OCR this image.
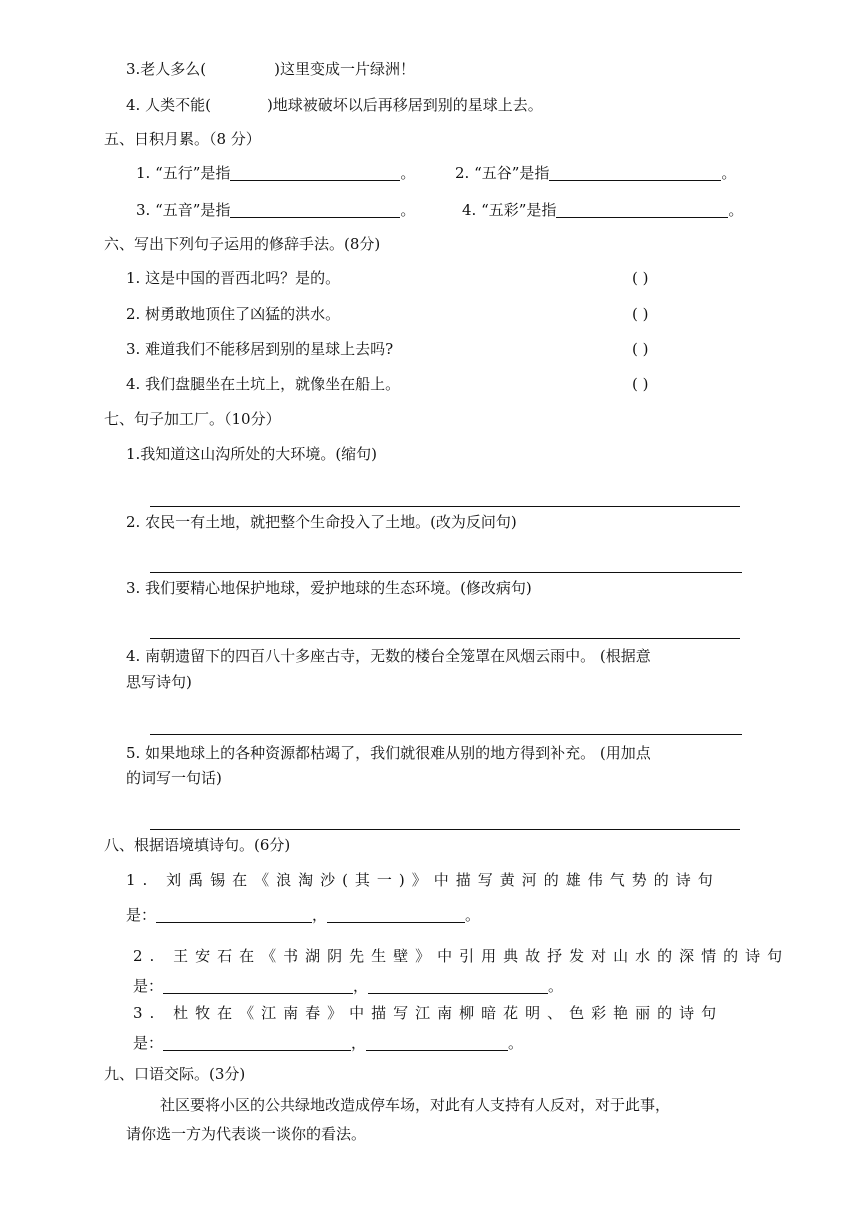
3.老人多么(	)这里变成一片绿洲！
4. 人类不能(	)地球被破坏以后再移居到别的星球上去。
五、日积月累。（8 分）
1. “五行”是指	。	2. “五谷”是指	。
3. “五音”是指	。	4. “五彩”是指	。
六、写出下列句子运用的修辞手法。(8分)
1. 这是中国的晋西北吗？是的。	( )
2. 树勇敢地顶住了凶猛的洪水。	( )
3. 难道我们不能移居到别的星球上去吗?	( )
4. 我们盘腿坐在土坑上，就像坐在船上。	( )
七、句子加工厂。（10分）
1.我知道这山沟所处的大环境。(缩句)
2. 农民一有土地，就把整个生命投入了土地。(改为反问句)
3. 我们要精心地保护地球，爱护地球的生态环境。(修改病句)
4. 南朝遗留下的四百八十多座古寺，无数的楼台全笼罩在风烟云雨中。 (根据意
思写诗句)
5. 如果地球上的各种资源都枯竭了，我们就很难从别的地方得到补充。 (用加点
的词写一句话)
八、根据语境填诗句。(6分)
1. 刘禹锡在《浪淘沙(其一)》中描写黄河的雄伟气势的诗句
是：	，	。
2. 王安石在《书湖阴先生壁》中引用典故抒发对山水的深情的诗句
是：	，	。
3. 杜牧在《江南春》中描写江南柳暗花明、色彩艳丽的诗句
是：	，	。
九、口语交际。(3分)
社区要将小区的公共绿地改造成停车场，对此有人支持有人反对，对于此事，
请你选一方为代表谈一谈你的看法。
